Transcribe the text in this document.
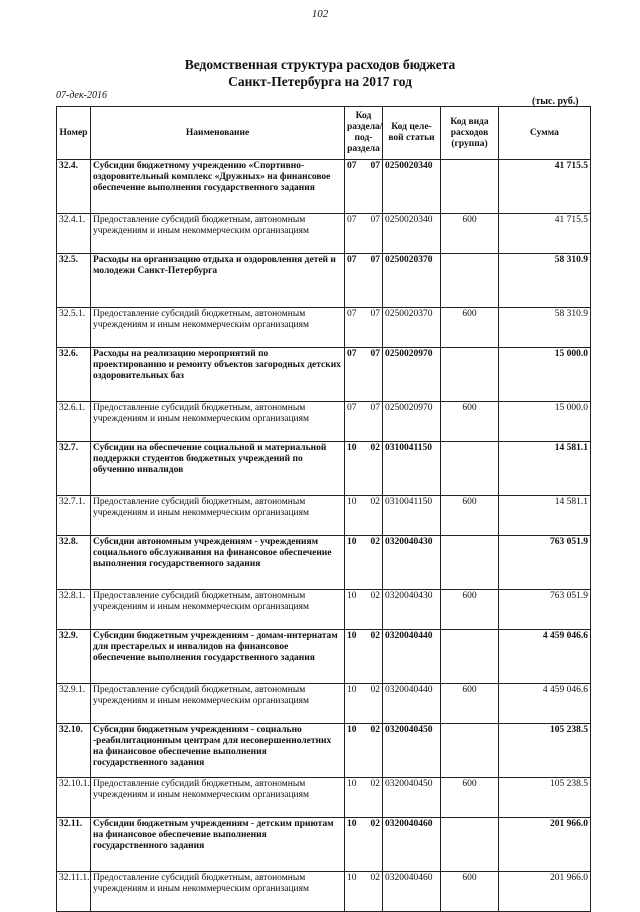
102
Ведомственная структура расходов бюджета
Санкт-Петербурга на 2017 год
07-дек-2016
(тыс. руб.)
Номер	Наименование	Код раздела/ под- раздела	Код целе- вой статьи	Код вида расходов (группа)	Сумма
32.4.	Субсидии бюджетному учреждению «Спортивно-оздоровительный комплекс «Дружных» на финансовое обеспечение выполнения государственного задания	07 07	0250020340		41 715.5
32.4.1.	Предоставление субсидий бюджетным, автономным учреждениям и иным некоммерческим организациям	07 07	0250020340	600	41 715.5
32.5.	Расходы на организацию отдыха и оздоровления детей и молодежи Санкт-Петербурга	07 07	0250020370		58 310.9
32.5.1.	Предоставление субсидий бюджетным, автономным учреждениям и иным некоммерческим организациям	07 07	0250020370	600	58 310.9
32.6.	Расходы на реализацию мероприятий по проектированию и ремонту объектов загородных детских оздоровительных баз	07 07	0250020970		15 000.0
32.6.1.	Предоставление субсидий бюджетным, автономным учреждениям и иным некоммерческим организациям	07 07	0250020970	600	15 000.0
32.7.	Субсидии на обеспечение социальной и материальной поддержки студентов бюджетных учреждений по обучению инвалидов	10 02	0310041150		14 581.1
32.7.1.	Предоставление субсидий бюджетным, автономным учреждениям и иным некоммерческим организациям	10 02	0310041150	600	14 581.1
32.8.	Субсидии автономным учреждениям - учреждениям социального обслуживания на финансовое обеспечение выполнения государственного задания	10 02	0320040430		763 051.9
32.8.1.	Предоставление субсидий бюджетным, автономным учреждениям и иным некоммерческим организациям	10 02	0320040430	600	763 051.9
32.9.	Субсидии бюджетным учреждениям - домам-интернатам для престарелых и инвалидов на финансовое обеспечение выполнения государственного задания	10 02	0320040440		4 459 046.6
32.9.1.	Предоставление субсидий бюджетным, автономным учреждениям и иным некоммерческим организациям	10 02	0320040440	600	4 459 046.6
32.10.	Субсидии бюджетным учреждениям - социально -реабилитационным центрам для несовершеннолетних на финансовое обеспечение выполнения государственного задания	10 02	0320040450		105 238.5
32.10.1.	Предоставление субсидий бюджетным, автономным учреждениям и иным некоммерческим организациям	10 02	0320040450	600	105 238.5
32.11.	Субсидии бюджетным учреждениям - детским приютам на финансовое обеспечение выполнения государственного задания	10 02	0320040460		201 966.0
32.11.1.	Предоставление субсидий бюджетным, автономным учреждениям и иным некоммерческим организациям	10 02	0320040460	600	201 966.0
